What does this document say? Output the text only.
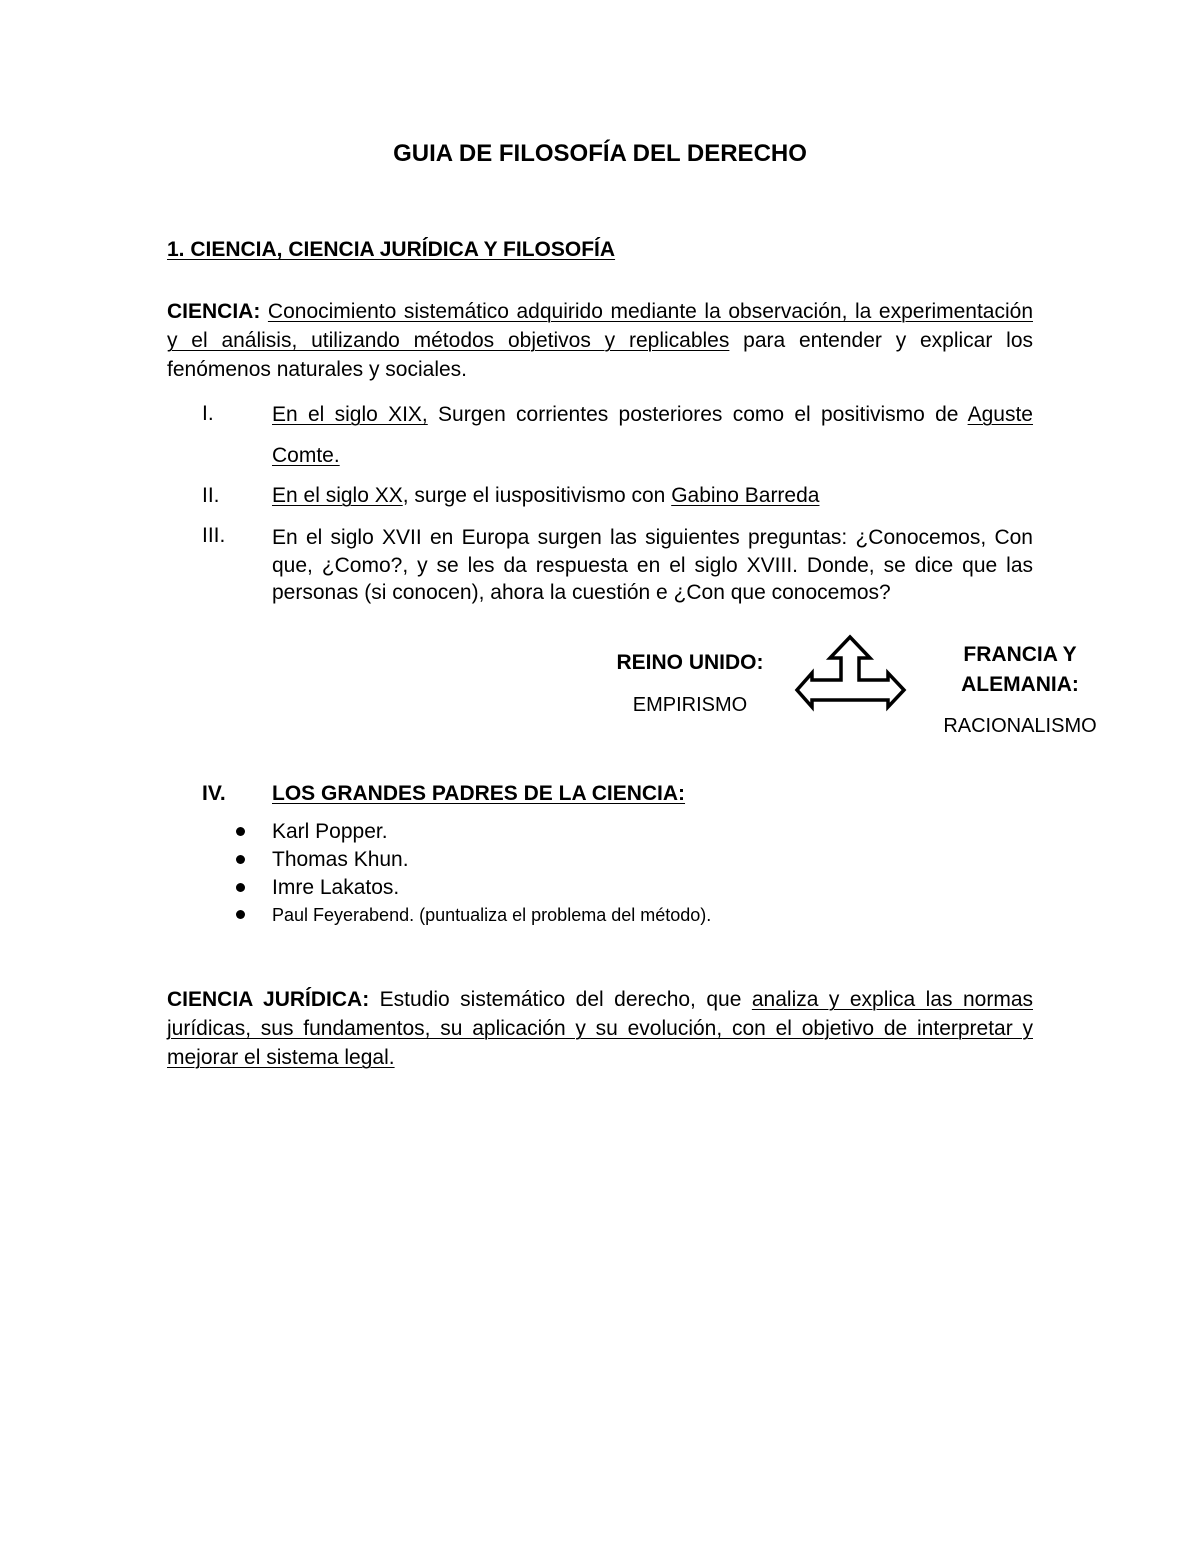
GUIA DE FILOSOFÍA DEL DERECHO
1. CIENCIA, CIENCIA JURÍDICA Y FILOSOFÍA
CIENCIA: Conocimiento sistemático adquirido mediante la observación, la experimentación y el análisis, utilizando métodos objetivos y replicables para entender y explicar los fenómenos naturales y sociales.
I.	En el siglo XIX, Surgen corrientes posteriores como el positivismo de Aguste Comte.
II. En el siglo XX, surge el iuspositivismo con Gabino Barreda
III. En el siglo XVII en Europa surgen las siguientes preguntas: ¿Conocemos, Con que, ¿Como?, y se les da respuesta en el siglo XVIII. Donde, se dice que las personas (si conocen), ahora la cuestión e ¿Con que conocemos?
REINO UNIDO:
EMPIRISMO
FRANCIA Y
ALEMANIA:
RACIONALISMO
IV. LOS GRANDES PADRES DE LA CIENCIA:
Karl Popper.
Thomas Khun.
Imre Lakatos.
Paul Feyerabend. (puntualiza el problema del método).
CIENCIA JURÍDICA: Estudio sistemático del derecho, que analiza y explica las normas jurídicas, sus fundamentos, su aplicación y su evolución, con el objetivo de interpretar y mejorar el sistema legal.
